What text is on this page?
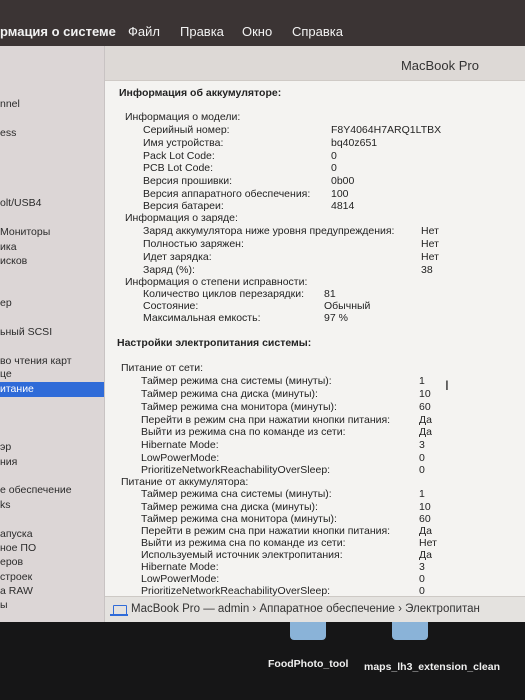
рмация о системе Файл Правка Окно Справка
nnel
ess
olt/USB4
Мониторы
ика
исков
ер
ьный SCSI
во чтения карт
це
итание
эр
ния
е обеспечение
ks
апуска
ное ПО
еров
строек
а RAW
ы
MacBook Pro
Информация об аккумуляторе:
Информация о модели:
Серийный номер:	F8Y4064H7ARQ1LTBX
Имя устройства:	bq40z651
Pack Lot Code:	0
PCB Lot Code:	0
Версия прошивки:	0b00
Версия аппаратного обеспечения: 100
Версия батареи:	4814
Информация о заряде:
Заряд аккумулятора ниже уровня предупреждения:	Нет
Полностью заряжен:	Нет
Идет зарядка:	Нет
Заряд (%):	38
Информация о степени исправности:
Количество циклов перезарядки: 81
Состояние:	Обычный
Максимальная емкость:	97 %
Настройки электропитания системы:
Питание от сети:
Таймер режима сна системы (минуты):	1
Таймер режима сна диска (минуты):	10
Таймер режима сна монитора (минуты):	60
Перейти в режим сна при нажатии кнопки питания:	Да
Выйти из режима сна по команде из сети:	Да
Hibernate Mode:	3
LowPowerMode:	0
PrioritizeNetworkReachabilityOverSleep:	0
Питание от аккумулятора:
Таймер режима сна системы (минуты):	1
Таймер режима сна диска (минуты):	10
Таймер режима сна монитора (минуты):	60
Перейти в режим сна при нажатии кнопки питания:	Да
Выйти из режима сна по команде из сети:	Нет
Используемый источник электропитания:	Да
Hibernate Mode:	3
LowPowerMode:	0
PrioritizeNetworkReachabilityOverSleep:	0
I
MacBook Pro — admin › Аппаратное обеспечение › Электропитан
FoodPhoto_tool maps_lh3_extension_clean
